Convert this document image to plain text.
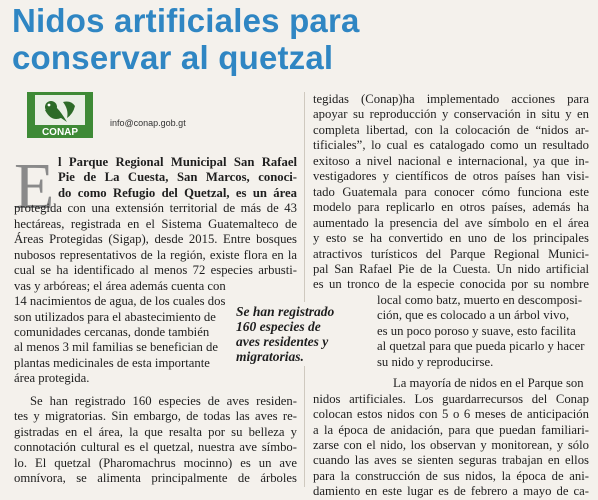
Nidos artificiales para
conservar al quetzal
CONAP
info@conap.gob.gt
E l Parque Regional Municipal San Rafael
Pie de La Cuesta, San Marcos, conoci-
do como Refugio del Quetzal, es un área
protegida con una extensión territorial de más de 43
hectáreas, registrada en el Sistema Guatemalteco de
Áreas Protegidas (Sigap), desde 2015. Entre bosques
nubosos representativos de la región, existe flora en la
cual se ha identificado al menos 72 especies arbusti-
vas y arbóreas; el área además cuenta con
14 nacimientos de agua, de los cuales dos
son utilizados para el abastecimiento de
comunidades cercanas, donde también
al menos 3 mil familias se benefician de
plantas medicinales de esta importante
área protegida.
Se han registrado 160 especies de aves residen-
tes y migratorias. Sin embargo, de todas las aves re-
gistradas en el área, la que resalta por su belleza y
connotación cultural es el quetzal, nuestra ave símbo-
lo. El quetzal (Pharomachrus mocinno) es un ave
omnívora, se alimenta principalmente de árboles
Se han registrado
160 especies de
aves residentes y
migratorias.
tegidas (Conap)ha implementado acciones para
apoyar su reproducción y conservación in situ y en
completa libertad, con la colocación de “nidos ar-
tificiales”, lo cual es catalogado como un resultado
exitoso a nivel nacional e internacional, ya que in-
vestigadores y científicos de otros países han visi-
tado Guatemala para conocer cómo funciona este
modelo para replicarlo en otros países, además ha
aumentado la presencia del ave símbolo en el área
y esto se ha convertido en uno de los principales
atractivos turísticos del Parque Regional Munici-
pal San Rafael Pie de la Cuesta. Un nido artificial
es un tronco de la especie conocida por su nombre
local como batz, muerto en descomposi-
ción, que es colocado a un árbol vivo,
es un poco poroso y suave, esto facilita
al quetzal para que pueda picarlo y hacer
su nido y reproducirse.
La mayoría de nidos en el Parque son
nidos artificiales. Los guardarrecursos del Conap
colocan estos nidos con 5 o 6 meses de anticipación
a la época de anidación, para que puedan familiari-
zarse con el nido, los observan y monitorean, y sólo
cuando las aves se sienten seguras trabajan en ellos
para la construcción de sus nidos, la época de ani-
damiento en este lugar es de febrero a mayo de ca-
